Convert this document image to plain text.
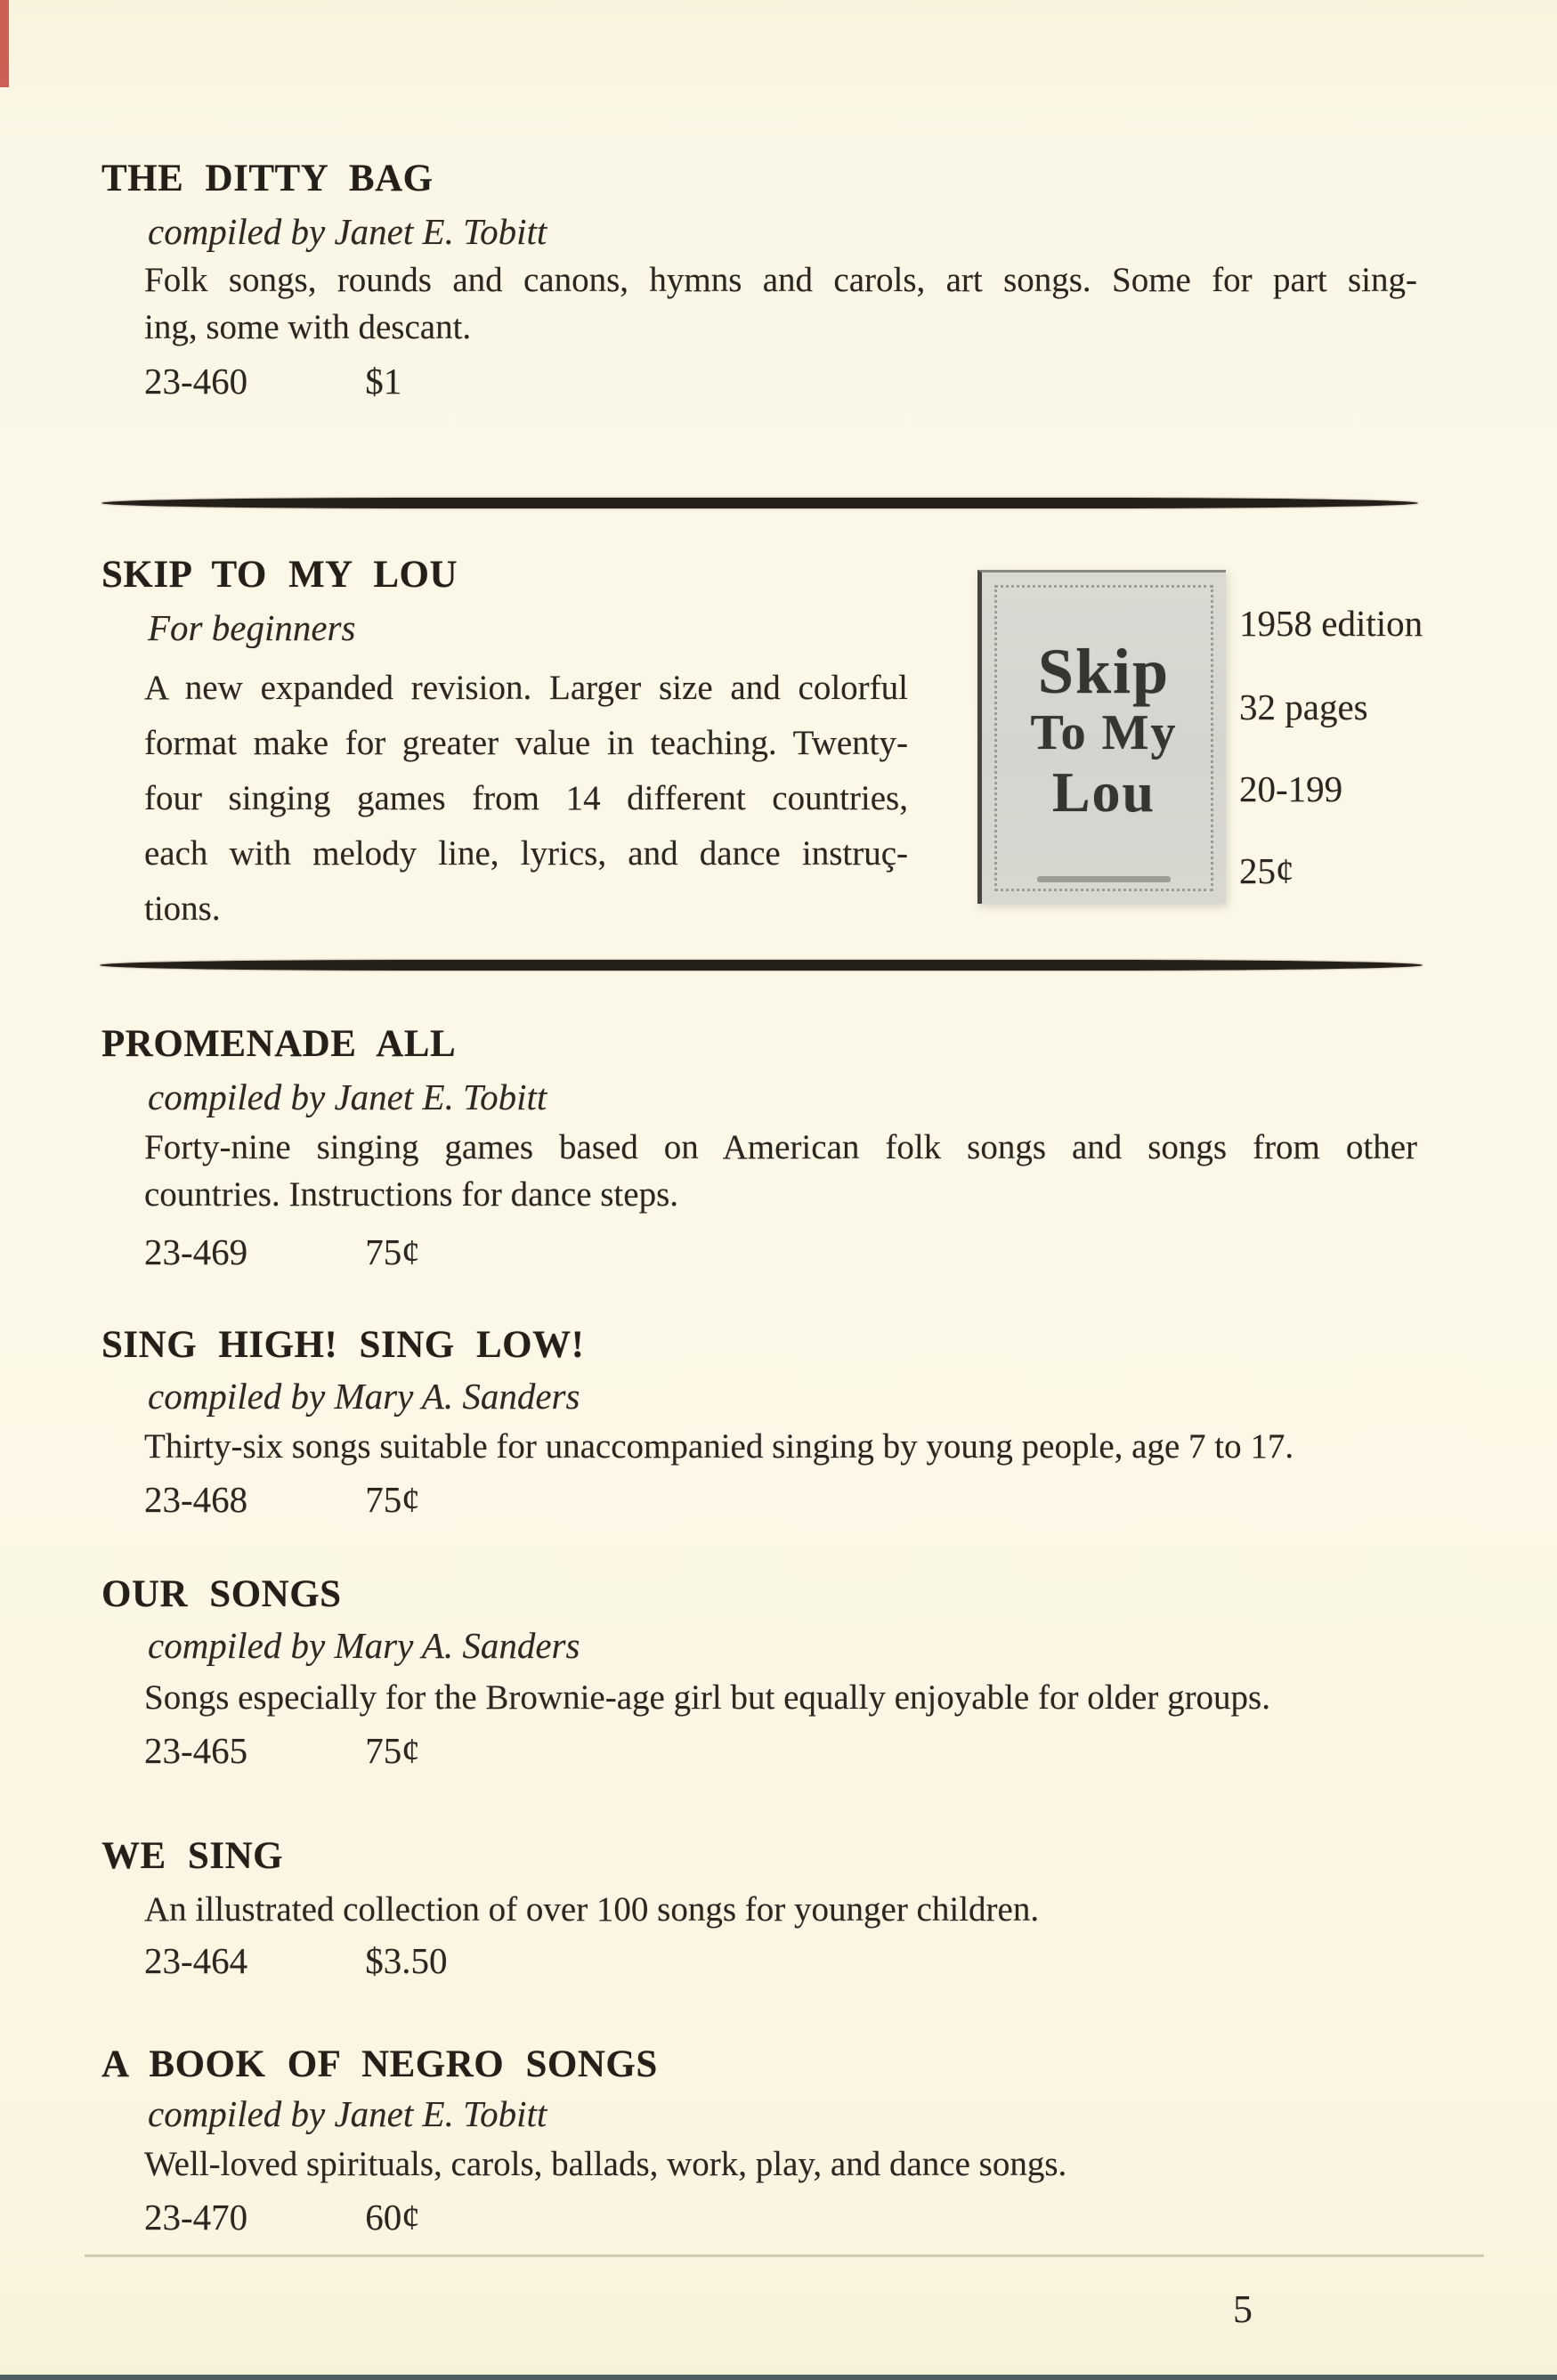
THE DITTY BAG
compiled by Janet E. Tobitt
Folk songs, rounds and canons, hymns and carols, art songs. Some for part sing-
ing, some with descant.
23-460	$1
SKIP TO MY LOU
For beginners
A new expanded revision. Larger size and colorful
format make for greater value in teaching. Twenty-
four singing games from 14 different countries,
each with melody line, lyrics, and dance instruç-
tions.
Skip
To My
Lou
1958 edition
32 pages
20-199
25¢
PROMENADE ALL
compiled by Janet E. Tobitt
Forty-nine singing games based on American folk songs and songs from other
countries. Instructions for dance steps.
23-469	75¢
SING HIGH! SING LOW!
compiled by Mary A. Sanders
Thirty-six songs suitable for unaccompanied singing by young people, age 7 to 17.
23-468	75¢
OUR SONGS
compiled by Mary A. Sanders
Songs especially for the Brownie-age girl but equally enjoyable for older groups.
23-465	75¢
WE SING
An illustrated collection of over 100 songs for younger children.
23-464	$3.50
A BOOK OF NEGRO SONGS
compiled by Janet E. Tobitt
Well-loved spirituals, carols, ballads, work, play, and dance songs.
23-470	60¢
5
